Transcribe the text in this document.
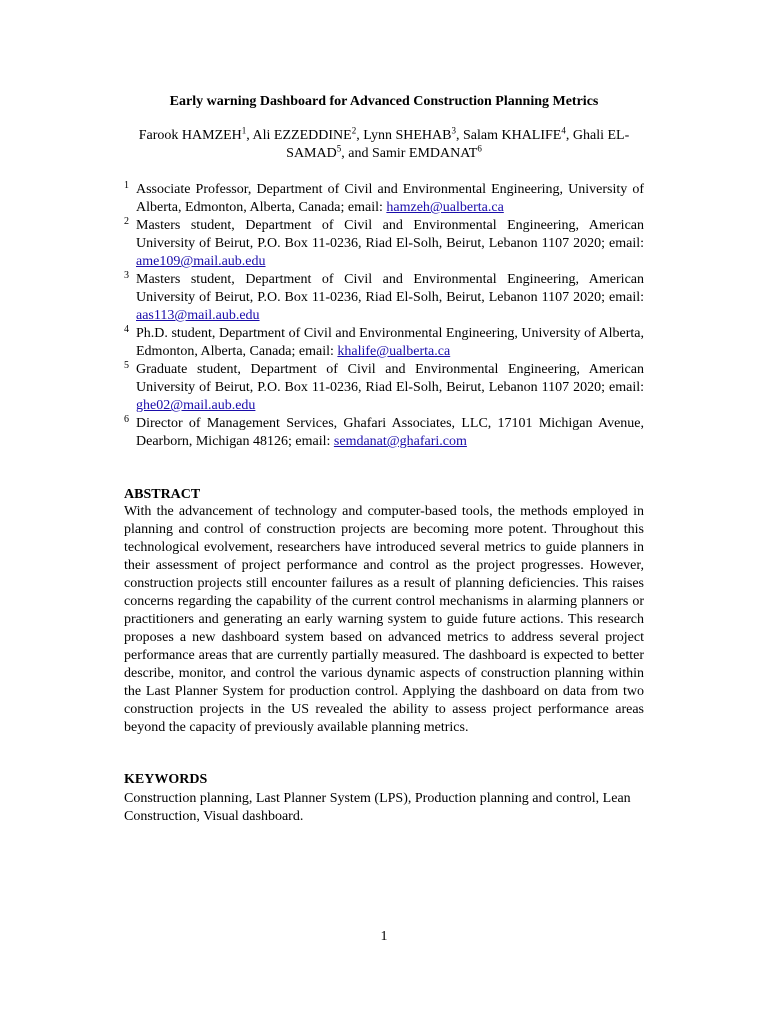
Early warning Dashboard for Advanced Construction Planning Metrics
Farook HAMZEH$^1$, Ali EZZEDDINE$^2$, Lynn SHEHAB$^3$, Salam KHALIFE$^4$, Ghali EL-SAMAD$^5$, and Samir EMDANAT$^6$
1 Associate Professor, Department of Civil and Environmental Engineering, University of Alberta, Edmonton, Alberta, Canada; email: hamzeh@ualberta.ca
2 Masters student, Department of Civil and Environmental Engineering, American University of Beirut, P.O. Box 11-0236, Riad El-Solh, Beirut, Lebanon 1107 2020; email: ame109@mail.aub.edu
3 Masters student, Department of Civil and Environmental Engineering, American University of Beirut, P.O. Box 11-0236, Riad El-Solh, Beirut, Lebanon 1107 2020; email: aas113@mail.aub.edu
4 Ph.D. student, Department of Civil and Environmental Engineering, University of Alberta, Edmonton, Alberta, Canada; email: khalife@ualberta.ca
5 Graduate student, Department of Civil and Environmental Engineering, American University of Beirut, P.O. Box 11-0236, Riad El-Solh, Beirut, Lebanon 1107 2020; email: ghe02@mail.aub.edu
6 Director of Management Services, Ghafari Associates, LLC, 17101 Michigan Avenue, Dearborn, Michigan 48126; email: semdanat@ghafari.com
ABSTRACT
With the advancement of technology and computer-based tools, the methods employed in planning and control of construction projects are becoming more potent. Throughout this technological evolvement, researchers have introduced several metrics to guide planners in their assessment of project performance and control as the project progresses. However, construction projects still encounter failures as a result of planning deficiencies. This raises concerns regarding the capability of the current control mechanisms in alarming planners or practitioners and generating an early warning system to guide future actions. This research proposes a new dashboard system based on advanced metrics to address several project performance areas that are currently partially measured. The dashboard is expected to better describe, monitor, and control the various dynamic aspects of construction planning within the Last Planner System for production control. Applying the dashboard on data from two construction projects in the US revealed the ability to assess project performance areas beyond the capacity of previously available planning metrics.
KEYWORDS
Construction planning, Last Planner System (LPS), Production planning and control, Lean Construction, Visual dashboard.
1
